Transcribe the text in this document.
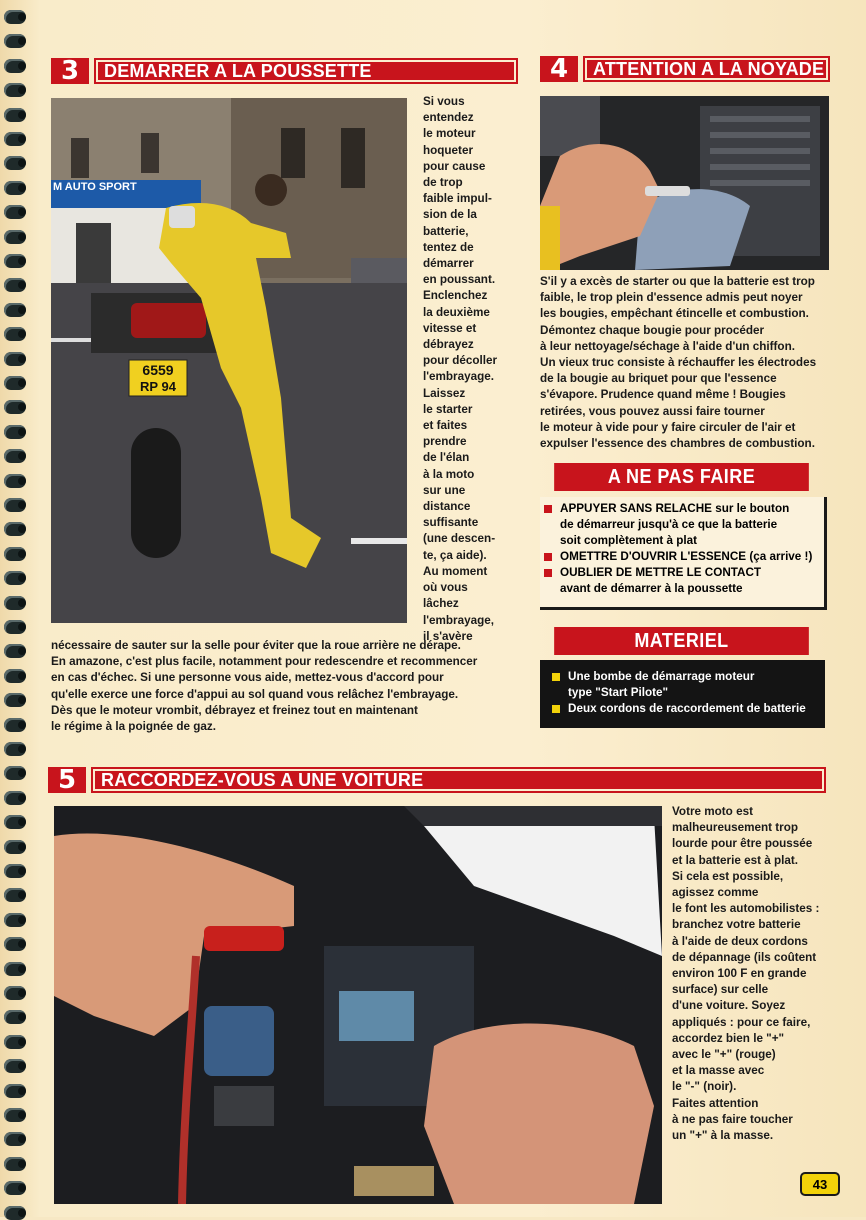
3	DEMARRER A LA POUSSETTE
6559
RP 94
M AUTO SPORT
Si vous
entendez
le moteur
hoqueter
pour cause
de trop
faible impul-
sion de la
batterie,
tentez de
démarrer
en poussant.
Enclenchez
la deuxième
vitesse et
débrayez
pour décoller
l'embrayage.
Laissez
le starter
et faites
prendre
de l'élan
à la moto
sur une
distance
suffisante
(une descen-
te, ça aide).
Au moment
où vous
lâchez
l'embrayage,
il s'avère
nécessaire de sauter sur la selle pour éviter que la roue arrière ne dérape.
En amazone, c'est plus facile, notamment pour redescendre et recommencer
en cas d'échec. Si une personne vous aide, mettez-vous d'accord pour
qu'elle exerce une force d'appui au sol quand vous relâchez l'embrayage.
Dès que le moteur vrombit, débrayez et freinez tout en maintenant
le régime à la poignée de gaz.
4	ATTENTION A LA NOYADE
S'il y a excès de starter ou que la batterie est trop
faible, le trop plein d'essence admis peut noyer
les bougies, empêchant étincelle et combustion.
Démontez chaque bougie pour procéder
à leur nettoyage/séchage à l'aide d'un chiffon.
Un vieux truc consiste à réchauffer les électrodes
de la bougie au briquet pour que l'essence
s'évapore. Prudence quand même ! Bougies
retirées, vous pouvez aussi faire tourner
le moteur à vide pour y faire circuler de l'air et
expulser l'essence des chambres de combustion.
A NE PAS FAIRE
APPUYER SANS RELACHE sur le bouton
de démarreur jusqu'à ce que la batterie
soit complètement à plat
OMETTRE D'OUVRIR L'ESSENCE (ça arrive !)
OUBLIER DE METTRE LE CONTACT
avant de démarrer à la poussette
MATERIEL
Une bombe de démarrage moteur
type "Start Pilote"
Deux cordons de raccordement de batterie
5	RACCORDEZ-VOUS A UNE VOITURE
Votre moto est
malheureusement trop
lourde pour être poussée
et la batterie est à plat.
Si cela est possible,
agissez comme
le font les automobilistes :
branchez votre batterie
à l'aide de deux cordons
de dépannage (ils coûtent
environ 100 F en grande
surface) sur celle
d'une voiture. Soyez
appliqués : pour ce faire,
accordez bien le "+"
avec le "+" (rouge)
et la masse avec
le "-" (noir).
Faites attention
à ne pas faire toucher
un "+" à la masse.
43
